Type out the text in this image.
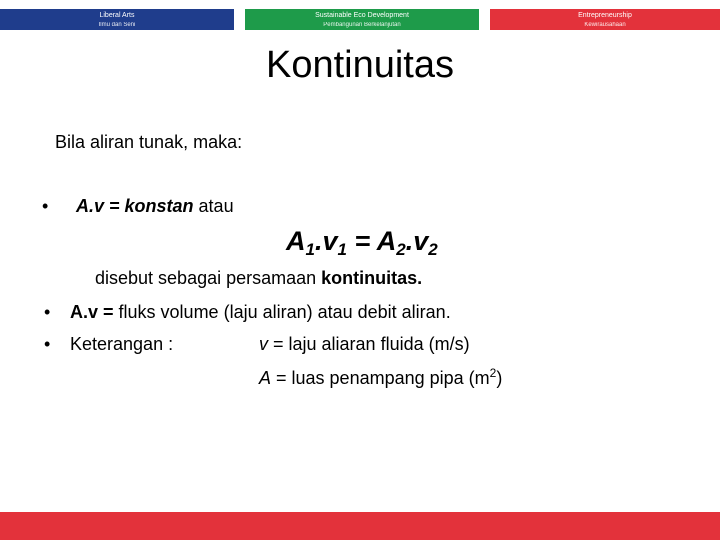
Liberal Arts
Ilmu dan Seni
Sustainable Eco Development
Pembangunan Berkelanjutan
Entrepreneurship
Kewirausahaan
Kontinuitas
Bila aliran tunak, maka:
• A.v = konstan atau
$A_1.v_1 = A_2.v_2$
disebut sebagai persamaan kontinuitas.
• A.v = fluks volume (laju aliran) atau debit aliran.
• Keterangan :	v = laju aliaran fluida (m/s)
A = luas penampang pipa $(m^2)$
